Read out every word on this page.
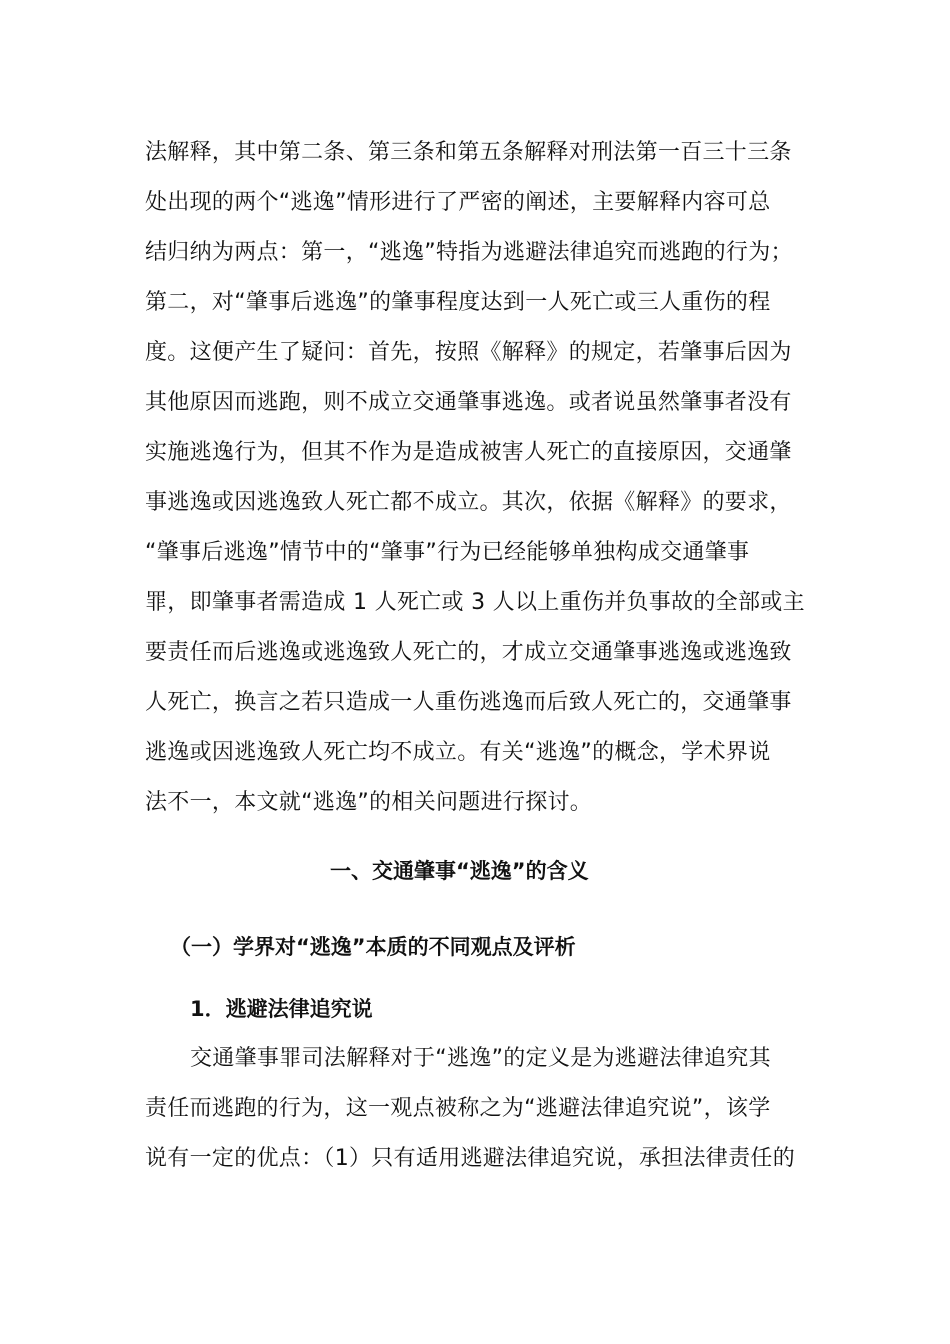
法解释，其中第二条、第三条和第五条解释对刑法第一百三十三条
处出现的两个“逃逸”情形进行了严密的阐述，主要解释内容可总
结归纳为两点：第一，“逃逸”特指为逃避法律追究而逃跑的行为；
第二，对“肇事后逃逸”的肇事程度达到一人死亡或三人重伤的程
度。这便产生了疑问：首先，按照《解释》的规定，若肇事后因为
其他原因而逃跑，则不成立交通肇事逃逸。或者说虽然肇事者没有
实施逃逸行为，但其不作为是造成被害人死亡的直接原因，交通肇
事逃逸或因逃逸致人死亡都不成立。其次，依据《解释》的要求，
“肇事后逃逸”情节中的“肇事”行为已经能够单独构成交通肇事
罪，即肇事者需造成 1 人死亡或 3 人以上重伤并负事故的全部或主
要责任而后逃逸或逃逸致人死亡的，才成立交通肇事逃逸或逃逸致
人死亡，换言之若只造成一人重伤逃逸而后致人死亡的，交通肇事
逃逸或因逃逸致人死亡均不成立。有关“逃逸”的概念，学术界说
法不一，本文就“逃逸”的相关问题进行探讨。
一、交通肇事“逃逸”的含义
（一）学界对“逃逸”本质的不同观点及评析
1．逃避法律追究说
交通肇事罪司法解释对于“逃逸”的定义是为逃避法律追究其
责任而逃跑的行为，这一观点被称之为“逃避法律追究说”，该学
说有一定的优点：（1）只有适用逃避法律追究说，承担法律责任的
